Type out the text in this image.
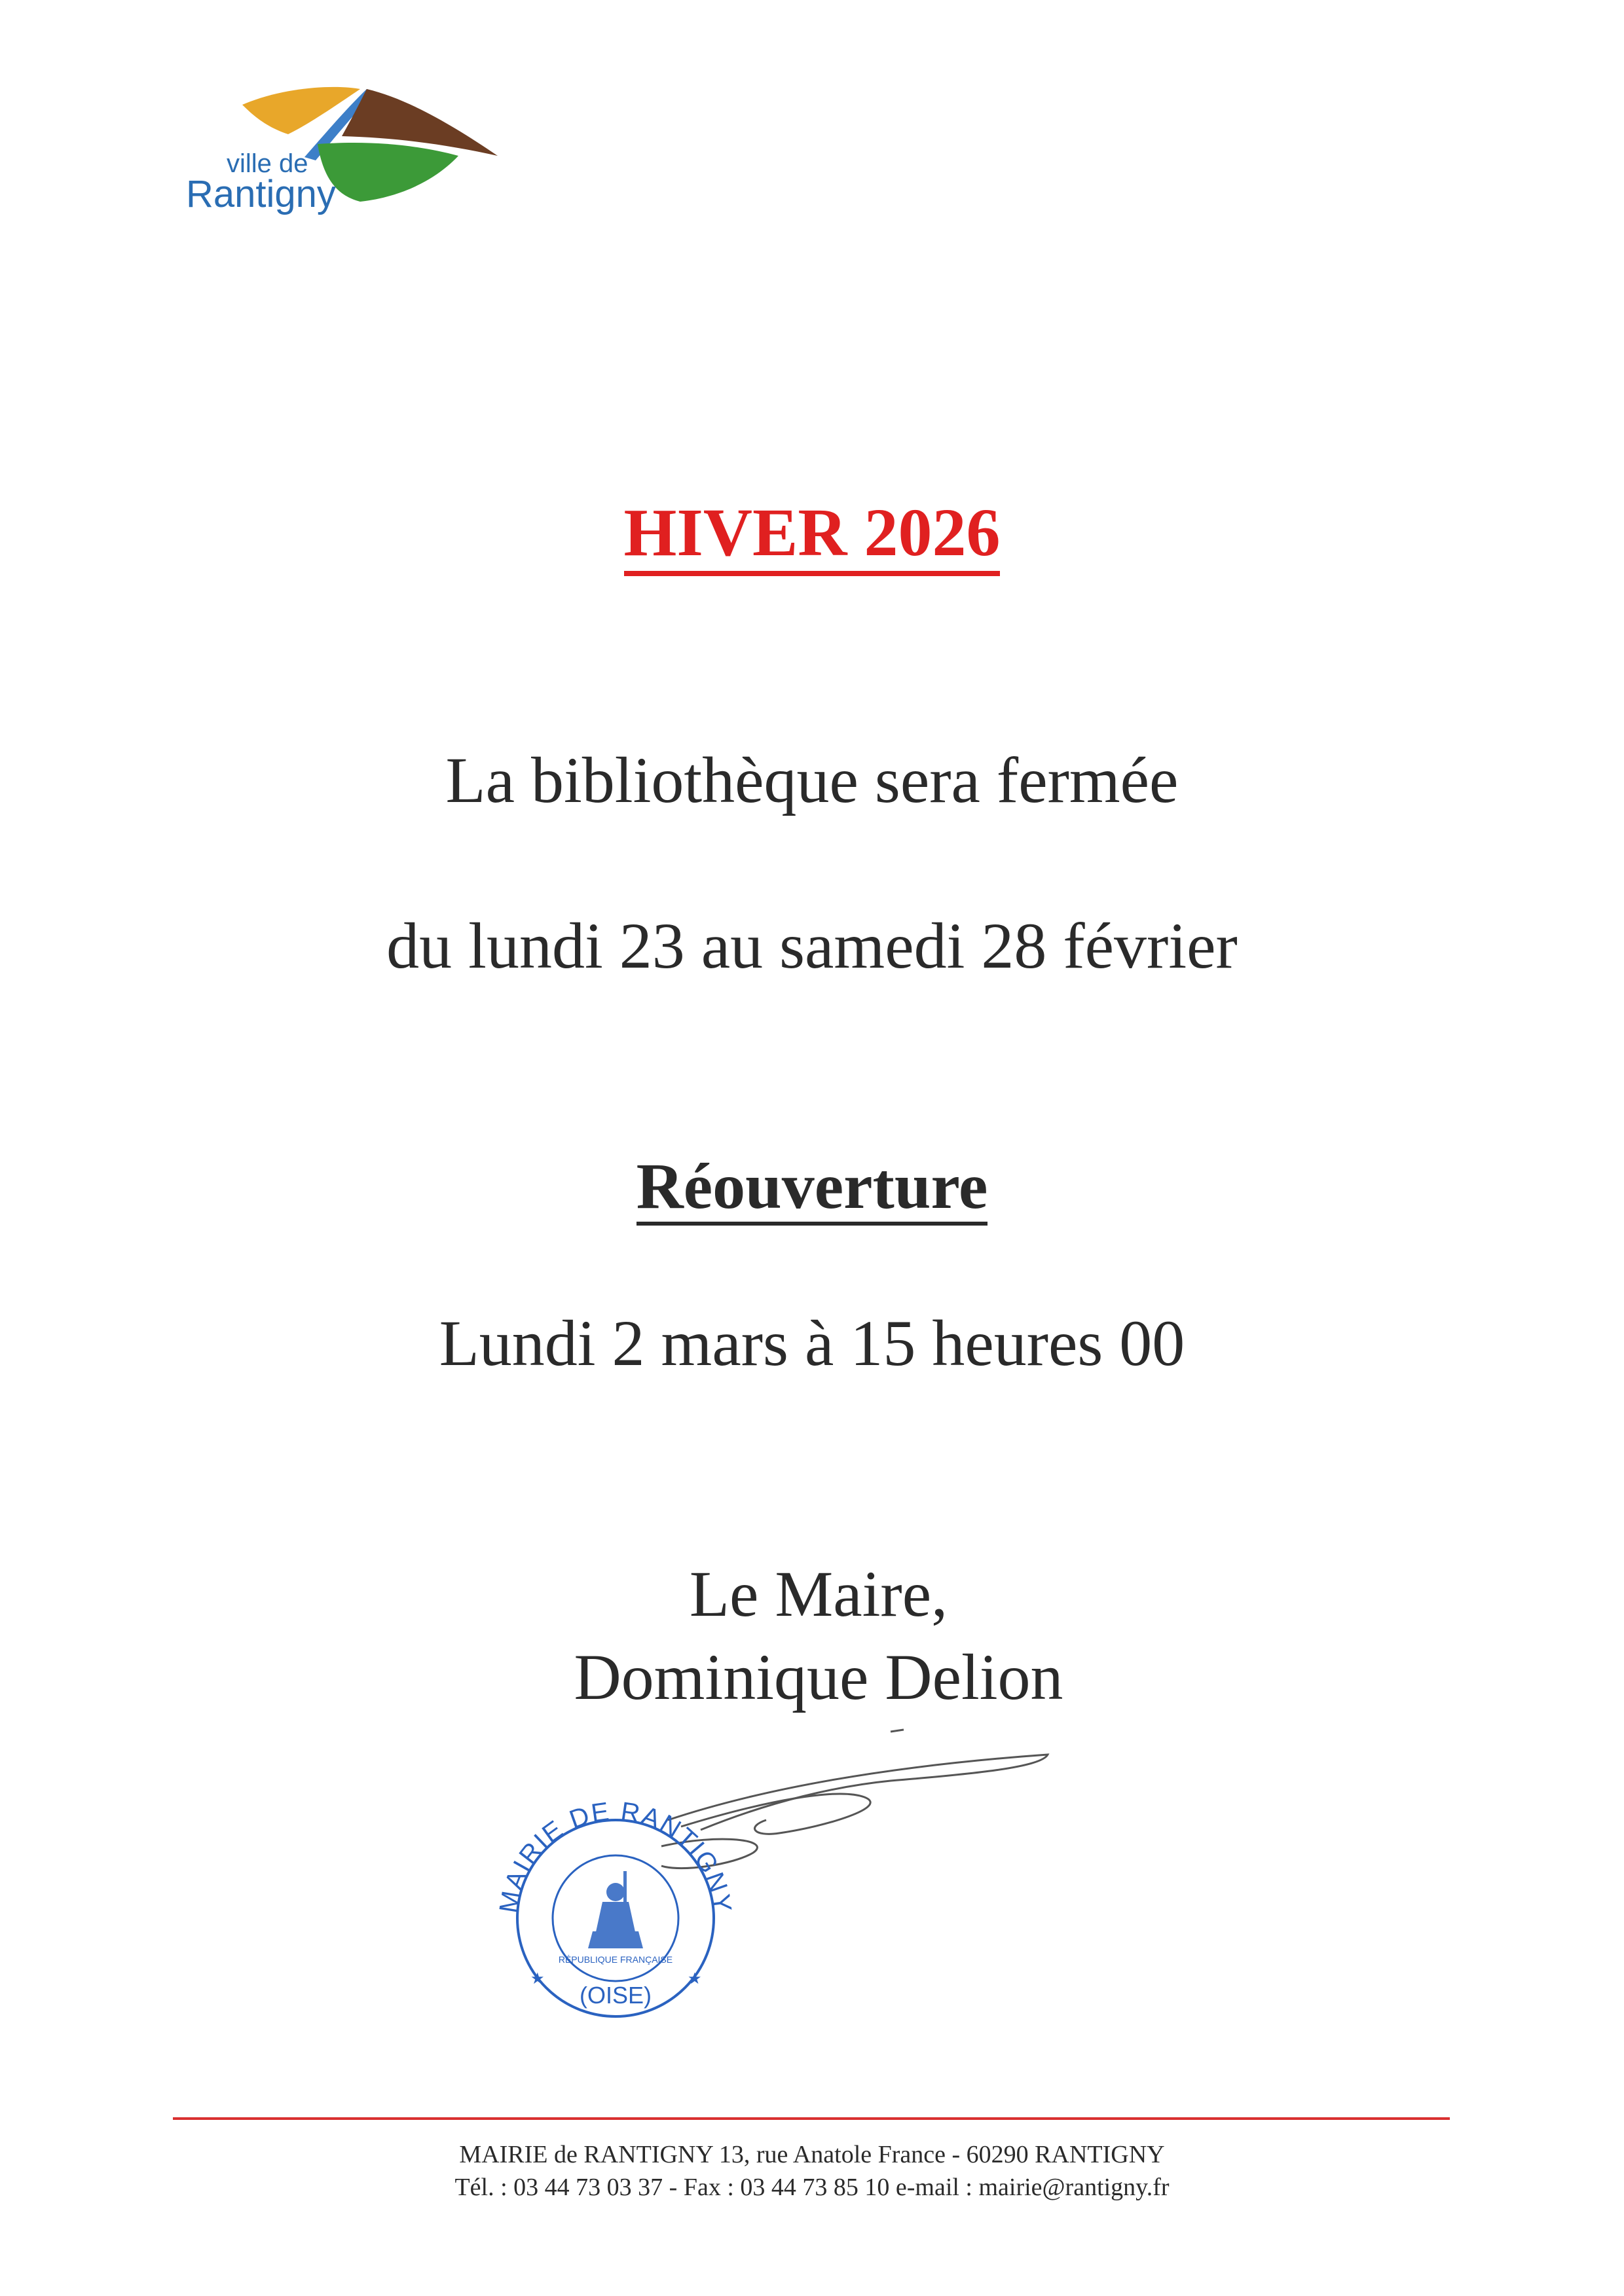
ville de
Rantigny
HIVER 2026
La bibliothèque sera fermée
du lundi 23 au samedi 28 février
Réouverture
Lundi 2 mars à 15 heures 00
Le Maire,
Dominique Delion
MAIRIE DE RANTIGNY
RÉPUBLIQUE FRANÇAISE
(OISE)
★	★
MAIRIE de RANTIGNY 13, rue Anatole France - 60290 RANTIGNY
Tél. : 03 44 73 03 37 - Fax : 03 44 73 85 10 e-mail : mairie@rantigny.fr
